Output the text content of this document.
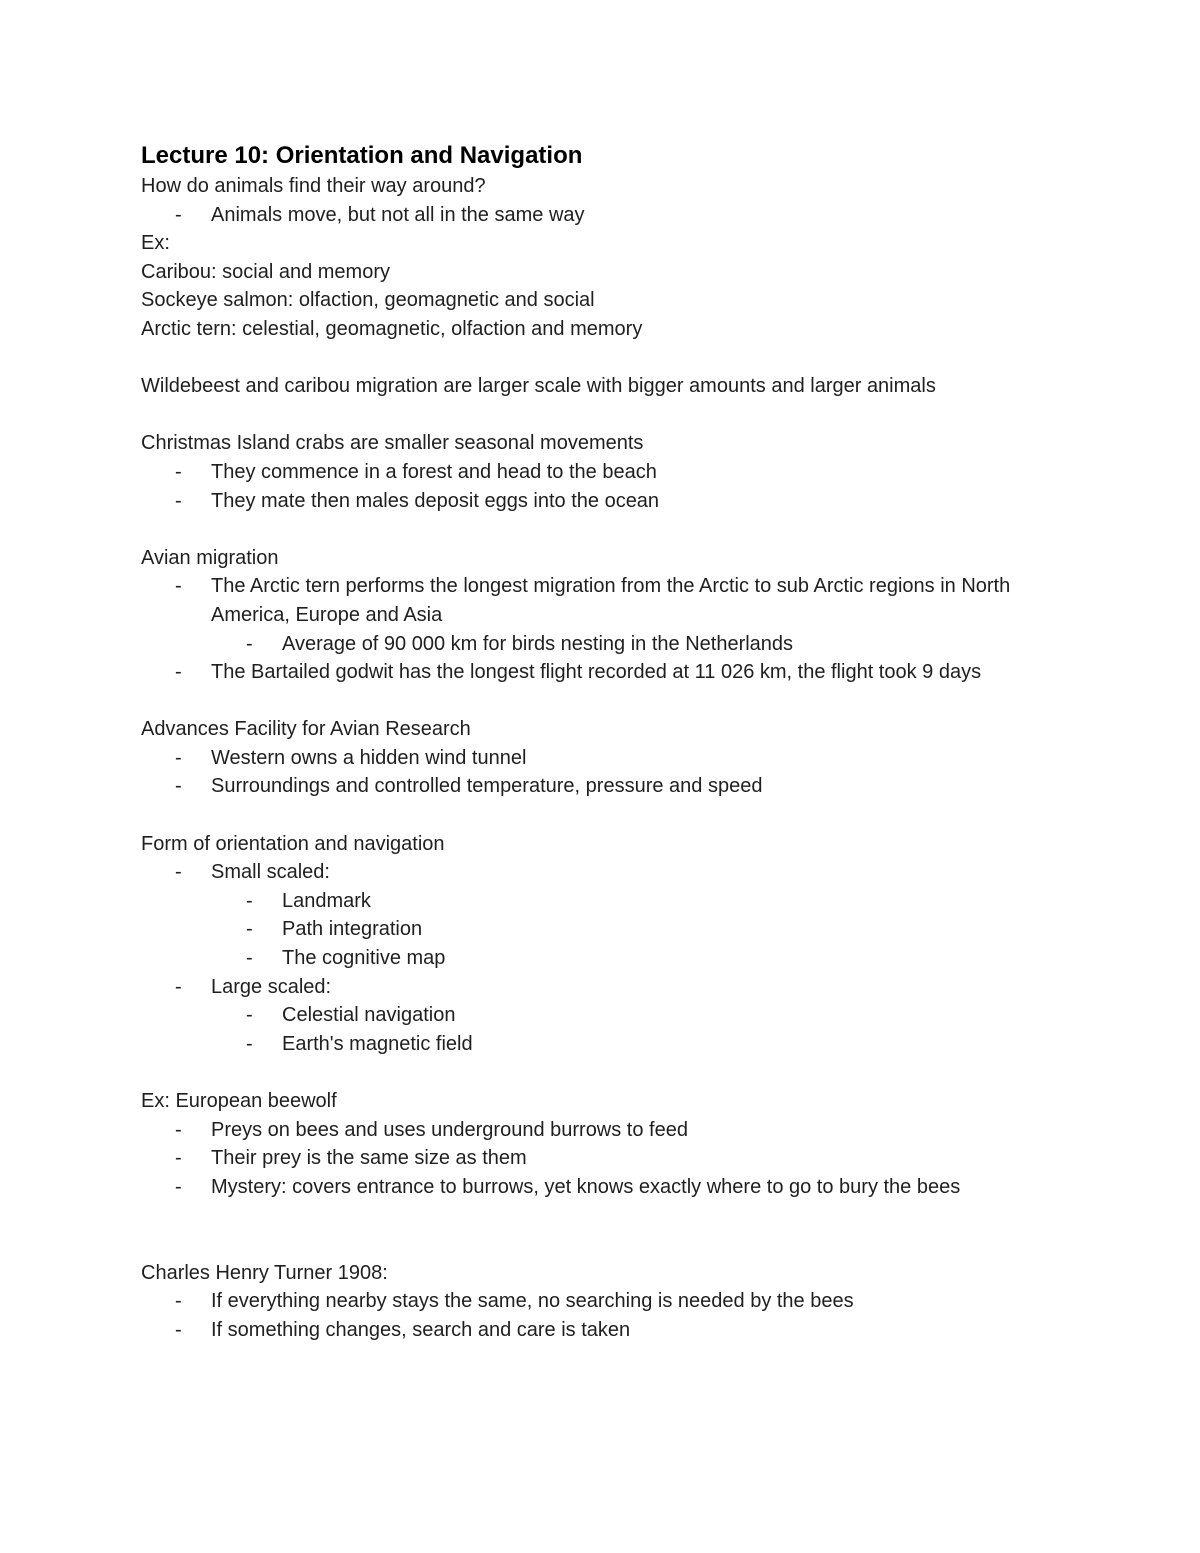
Lecture 10: Orientation and Navigation
How do animals find their way around?
- Animals move, but not all in the same way
Ex:
Caribou: social and memory
Sockeye salmon: olfaction, geomagnetic and social
Arctic tern: celestial, geomagnetic, olfaction and memory
Wildebeest and caribou migration are larger scale with bigger amounts and larger animals
Christmas Island crabs are smaller seasonal movements
- They commence in a forest and head to the beach
- They mate then males deposit eggs into the ocean
Avian migration
- The Arctic tern performs the longest migration from the Arctic to sub Arctic regions in North America, Europe and Asia
- Average of 90 000 km for birds nesting in the Netherlands
- The Bartailed godwit has the longest flight recorded at 11 026 km, the flight took 9 days
Advances Facility for Avian Research
- Western owns a hidden wind tunnel
- Surroundings and controlled temperature, pressure and speed
Form of orientation and navigation
- Small scaled:
- Landmark
- Path integration
- The cognitive map
- Large scaled:
- Celestial navigation
- Earth's magnetic field
Ex: European beewolf
- Preys on bees and uses underground burrows to feed
- Their prey is the same size as them
- Mystery: covers entrance to burrows, yet knows exactly where to go to bury the bees
Charles Henry Turner 1908:
- If everything nearby stays the same, no searching is needed by the bees
- If something changes, search and care is taken
